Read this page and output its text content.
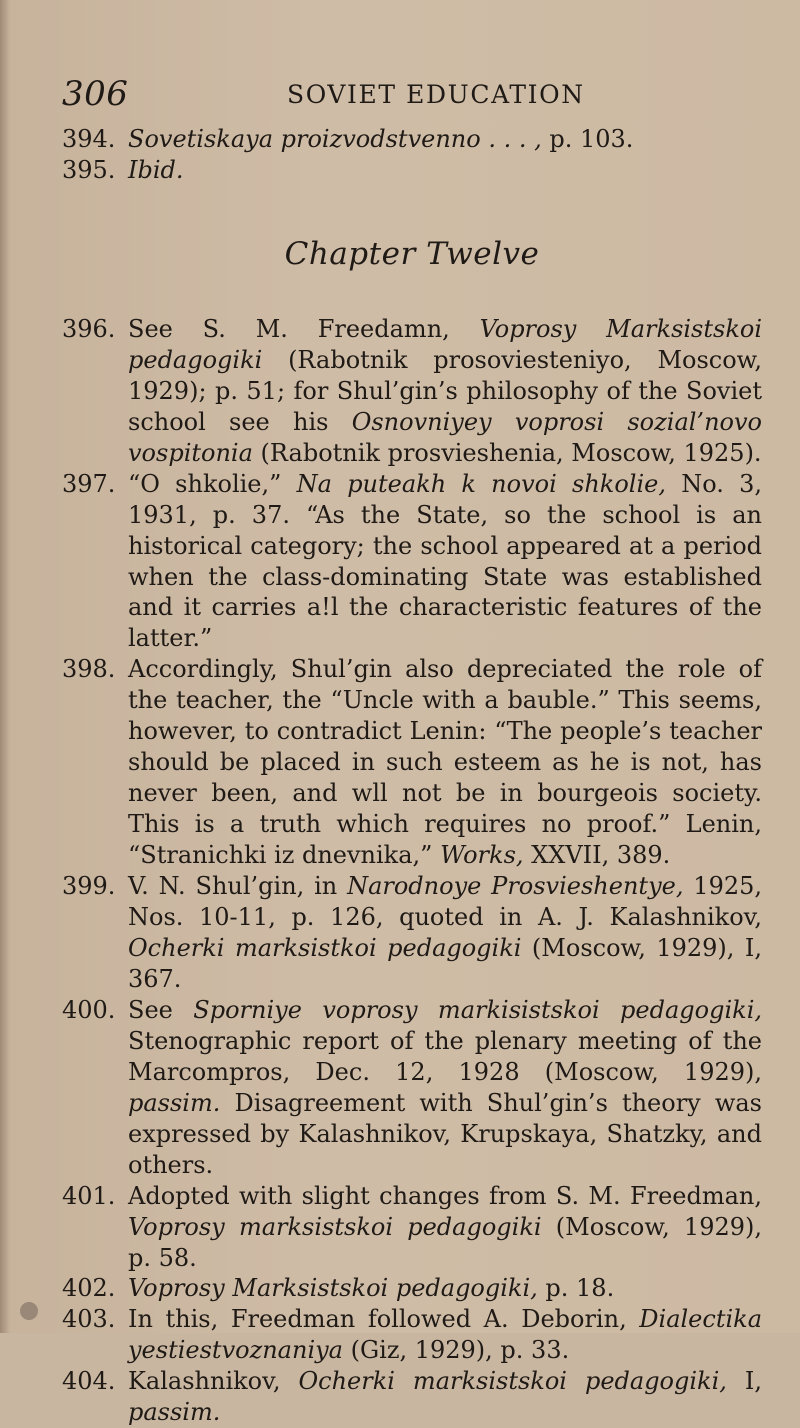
306	SOVIET EDUCATION
394. Sovetiskaya proizvodstvenno . . . , p. 103.
395. Ibid.
Chapter Twelve
396. See S. M. Freedamn, Voprosy Marksistskoi pedagogiki (Rabotnik prosoviesteniyo, Moscow, 1929); p. 51; for Shul’gin’s philosophy of the Soviet school see his Osnovniyey voprosi sozial’novo vospitonia (Rabotnik prosvieshenia, Moscow, 1925).
397. “O shkolie,” Na puteakh k novoi shkolie, No. 3, 1931, p. 37. “As the State, so the school is an historical category; the school appeared at a period when the class-dominating State was established and it carries a!l the characteristic features of the latter.”
398. Accordingly, Shul’gin also depreciated the role of the teacher, the “Uncle with a bauble.” This seems, however, to contradict Lenin: “The people’s teacher should be placed in such esteem as he is not, has never been, and wll not be in bourgeois society. This is a truth which requires no proof.” Lenin, “Stranichki iz dnevnika,” Works, XXVII, 389.
399. V. N. Shul’gin, in Narodnoye Prosvieshentye, 1925, Nos. 10-11, p. 126, quoted in A. J. Kalashnikov, Ocherki marksistkoi pedagogiki (Moscow, 1929), I, 367.
400. See Sporniye voprosy markisistskoi pedagogiki, Stenographic report of the plenary meeting of the Marcompros, Dec. 12, 1928 (Moscow, 1929), passim. Disagreement with Shul’gin’s theory was expressed by Kalashnikov, Krupskaya, Shatzky, and others.
401. Adopted with slight changes from S. M. Freedman, Voprosy marksistskoi pedagogiki (Moscow, 1929), p. 58.
402. Voprosy Marksistskoi pedagogiki, p. 18.
403. In this, Freedman followed A. Deborin, Dialectika yestiestvoznaniya (Giz, 1929), p. 33.
404. Kalashnikov, Ocherki marksistskoi pedagogiki, I, passim.
